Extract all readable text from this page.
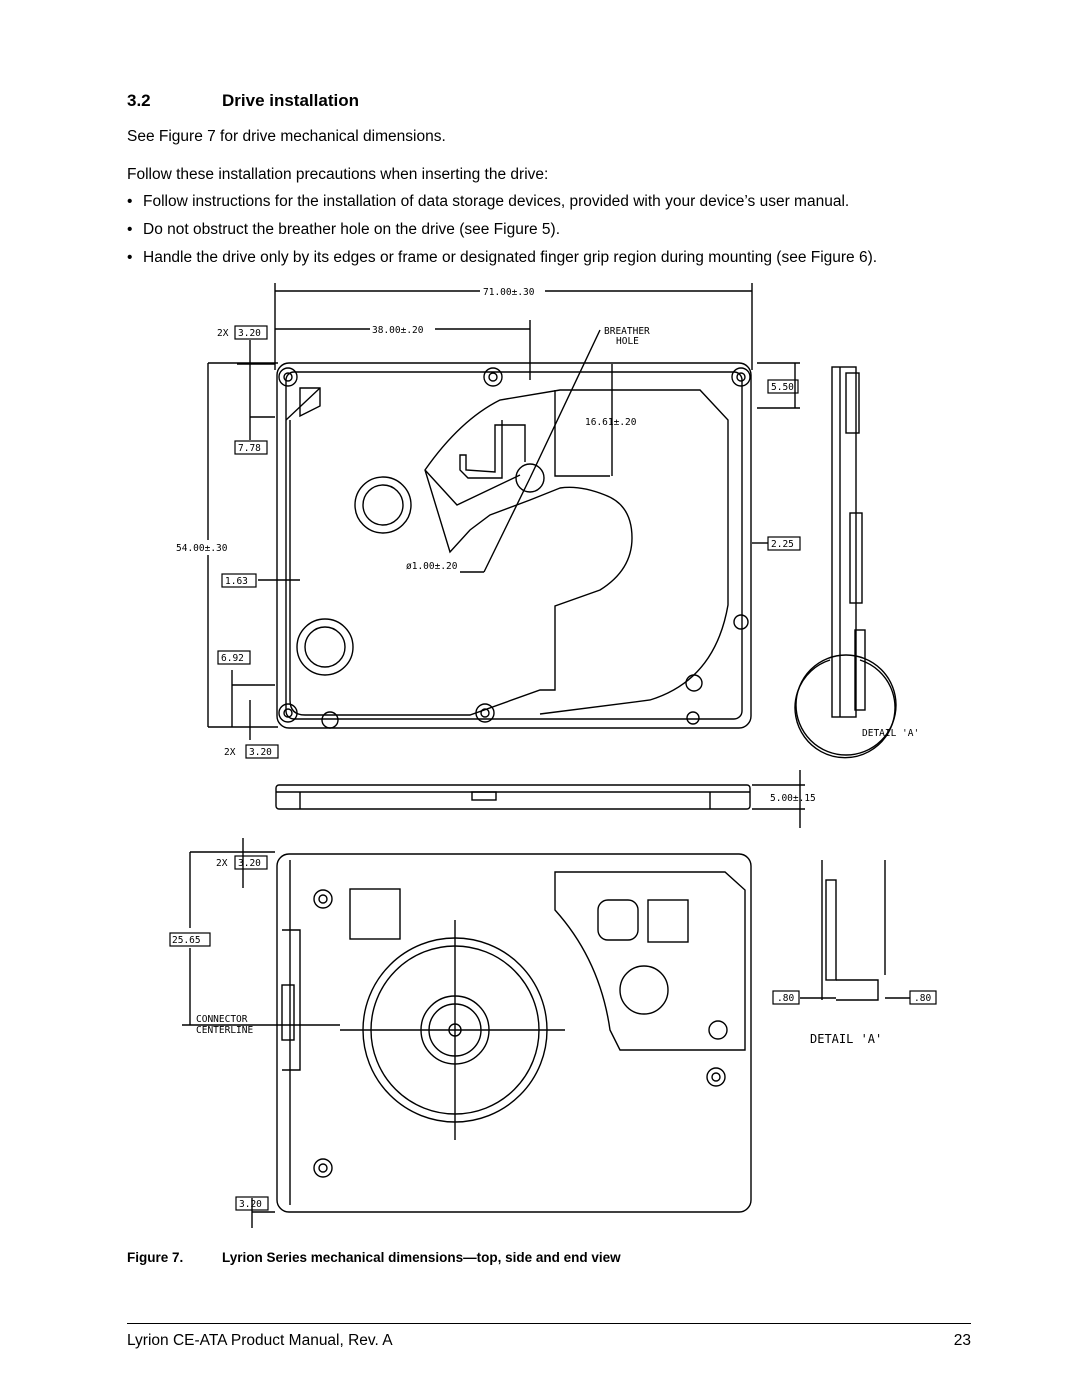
3.2	Drive installation
See Figure 7 for drive mechanical dimensions.
Follow these installation precautions when inserting the drive:
• Follow instructions for the installation of data storage devices, provided with your device’s user manual.
• Do not obstruct the breather hole on the drive (see Figure 5).
• Handle the drive only by its edges or frame or designated finger grip region during mounting (see Figure 6).
71.00±.30
38.00±.20	BREATHER
HOLE
2X 3.20
7.78
16.61±.20
54.00±.30
1.63
ø1.00±.20
6.92
2X 3.20
5.50
2.25
DETAIL 'A'
5.00±.15
2X 3.20
25.65
CONNECTOR
CENTERLINE
3.20
.80	.80
DETAIL 'A'
Figure 7.	Lyrion Series mechanical dimensions—top, side and end view
Lyrion CE-ATA Product Manual, Rev. A	23
